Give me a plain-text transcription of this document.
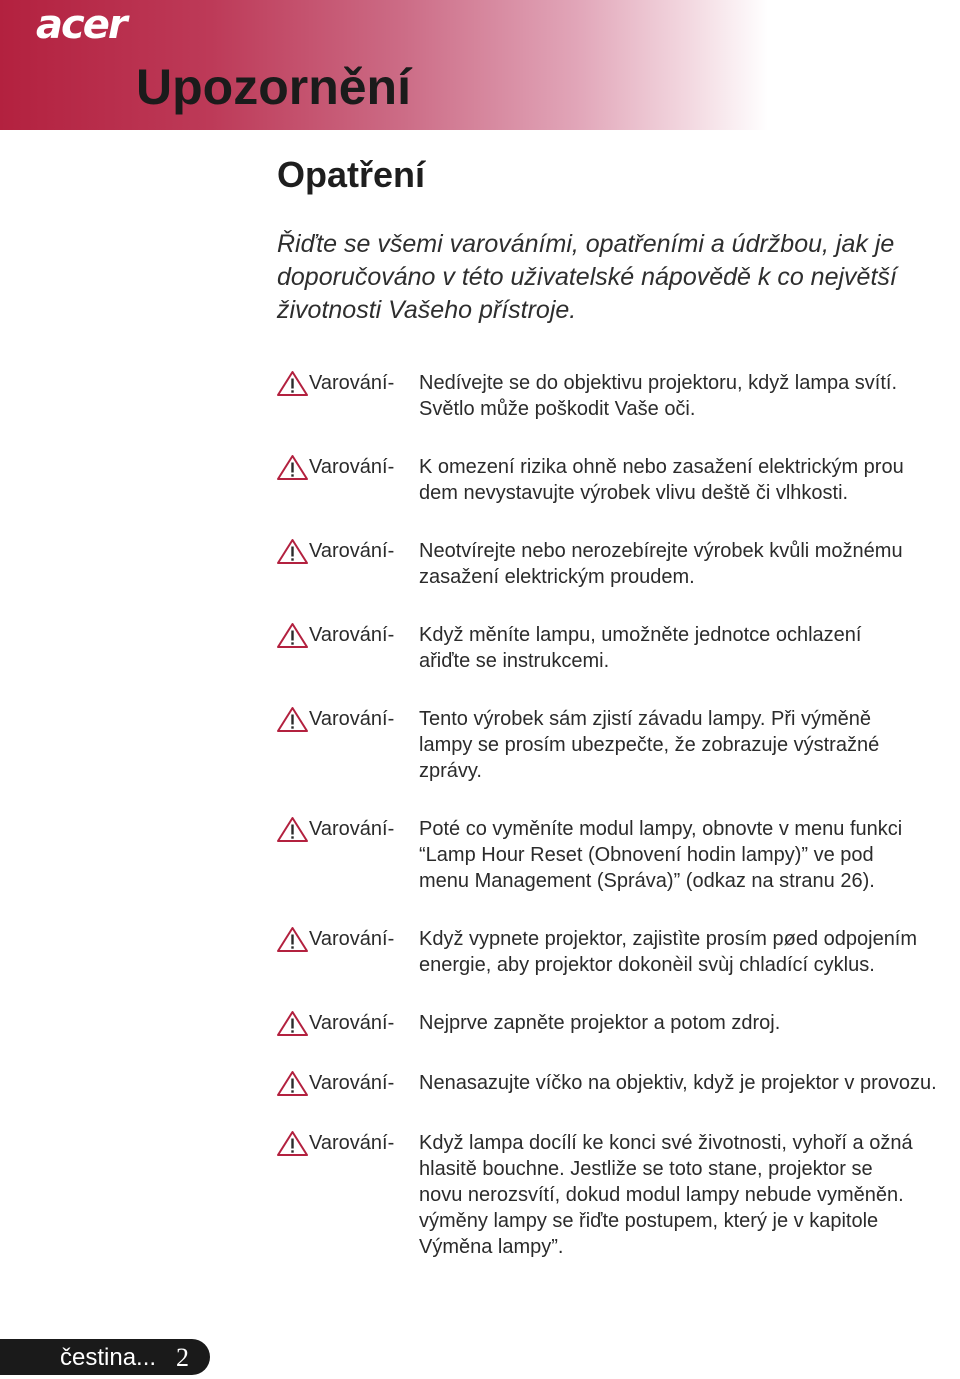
acer
Upozornění
Opatření
Řiďte se všemi varováními, opatřeními a údržbou, jak je doporučováno v této uživatelské nápovědě k co největší životnosti Vašeho přístroje.
Varování-	Nedívejte se do objektivu projektoru, když lampa svítí.
Světlo může poškodit Vaše oči.
Varování-	K omezení rizika ohně nebo zasažení elektrickým prou
dem nevystavujte výrobek vlivu deště či vlhkosti.
Varování-	Neotvírejte nebo nerozebírejte výrobek kvůli možnému
zasažení elektrickým proudem.
Varování-	Když měníte lampu, umožněte jednotce ochlazení
ařiďte se instrukcemi.
Varování-	Tento výrobek sám zjistí závadu lampy. Při výměně
lampy se prosím ubezpečte, že zobrazuje výstražné
zprávy.
Varování-	Poté co vyměníte modul lampy, obnovte v menu funkci
“Lamp Hour Reset (Obnovení hodin lampy)” ve pod
menu Management (Správa)” (odkaz na stranu 26).
Varování-	Když vypnete projektor, zajistìte prosím pøed odpojením
energie, aby projektor dokonèil svùj chladící cyklus.
Varování-	Nejprve zapněte projektor a potom zdroj.
Varování-	Nenasazujte víčko na objektiv, když je projektor v provozu.
Varování-	Když lampa docílí ke konci své životnosti, vyhoří a ožná
hlasitě bouchne. Jestliže se toto stane, projektor se
novu nerozsvítí, dokud modul lampy nebude vyměněn.
výměny lampy se řiďte postupem, který je v kapitole
Výměna lampy”.
čestina... 2
